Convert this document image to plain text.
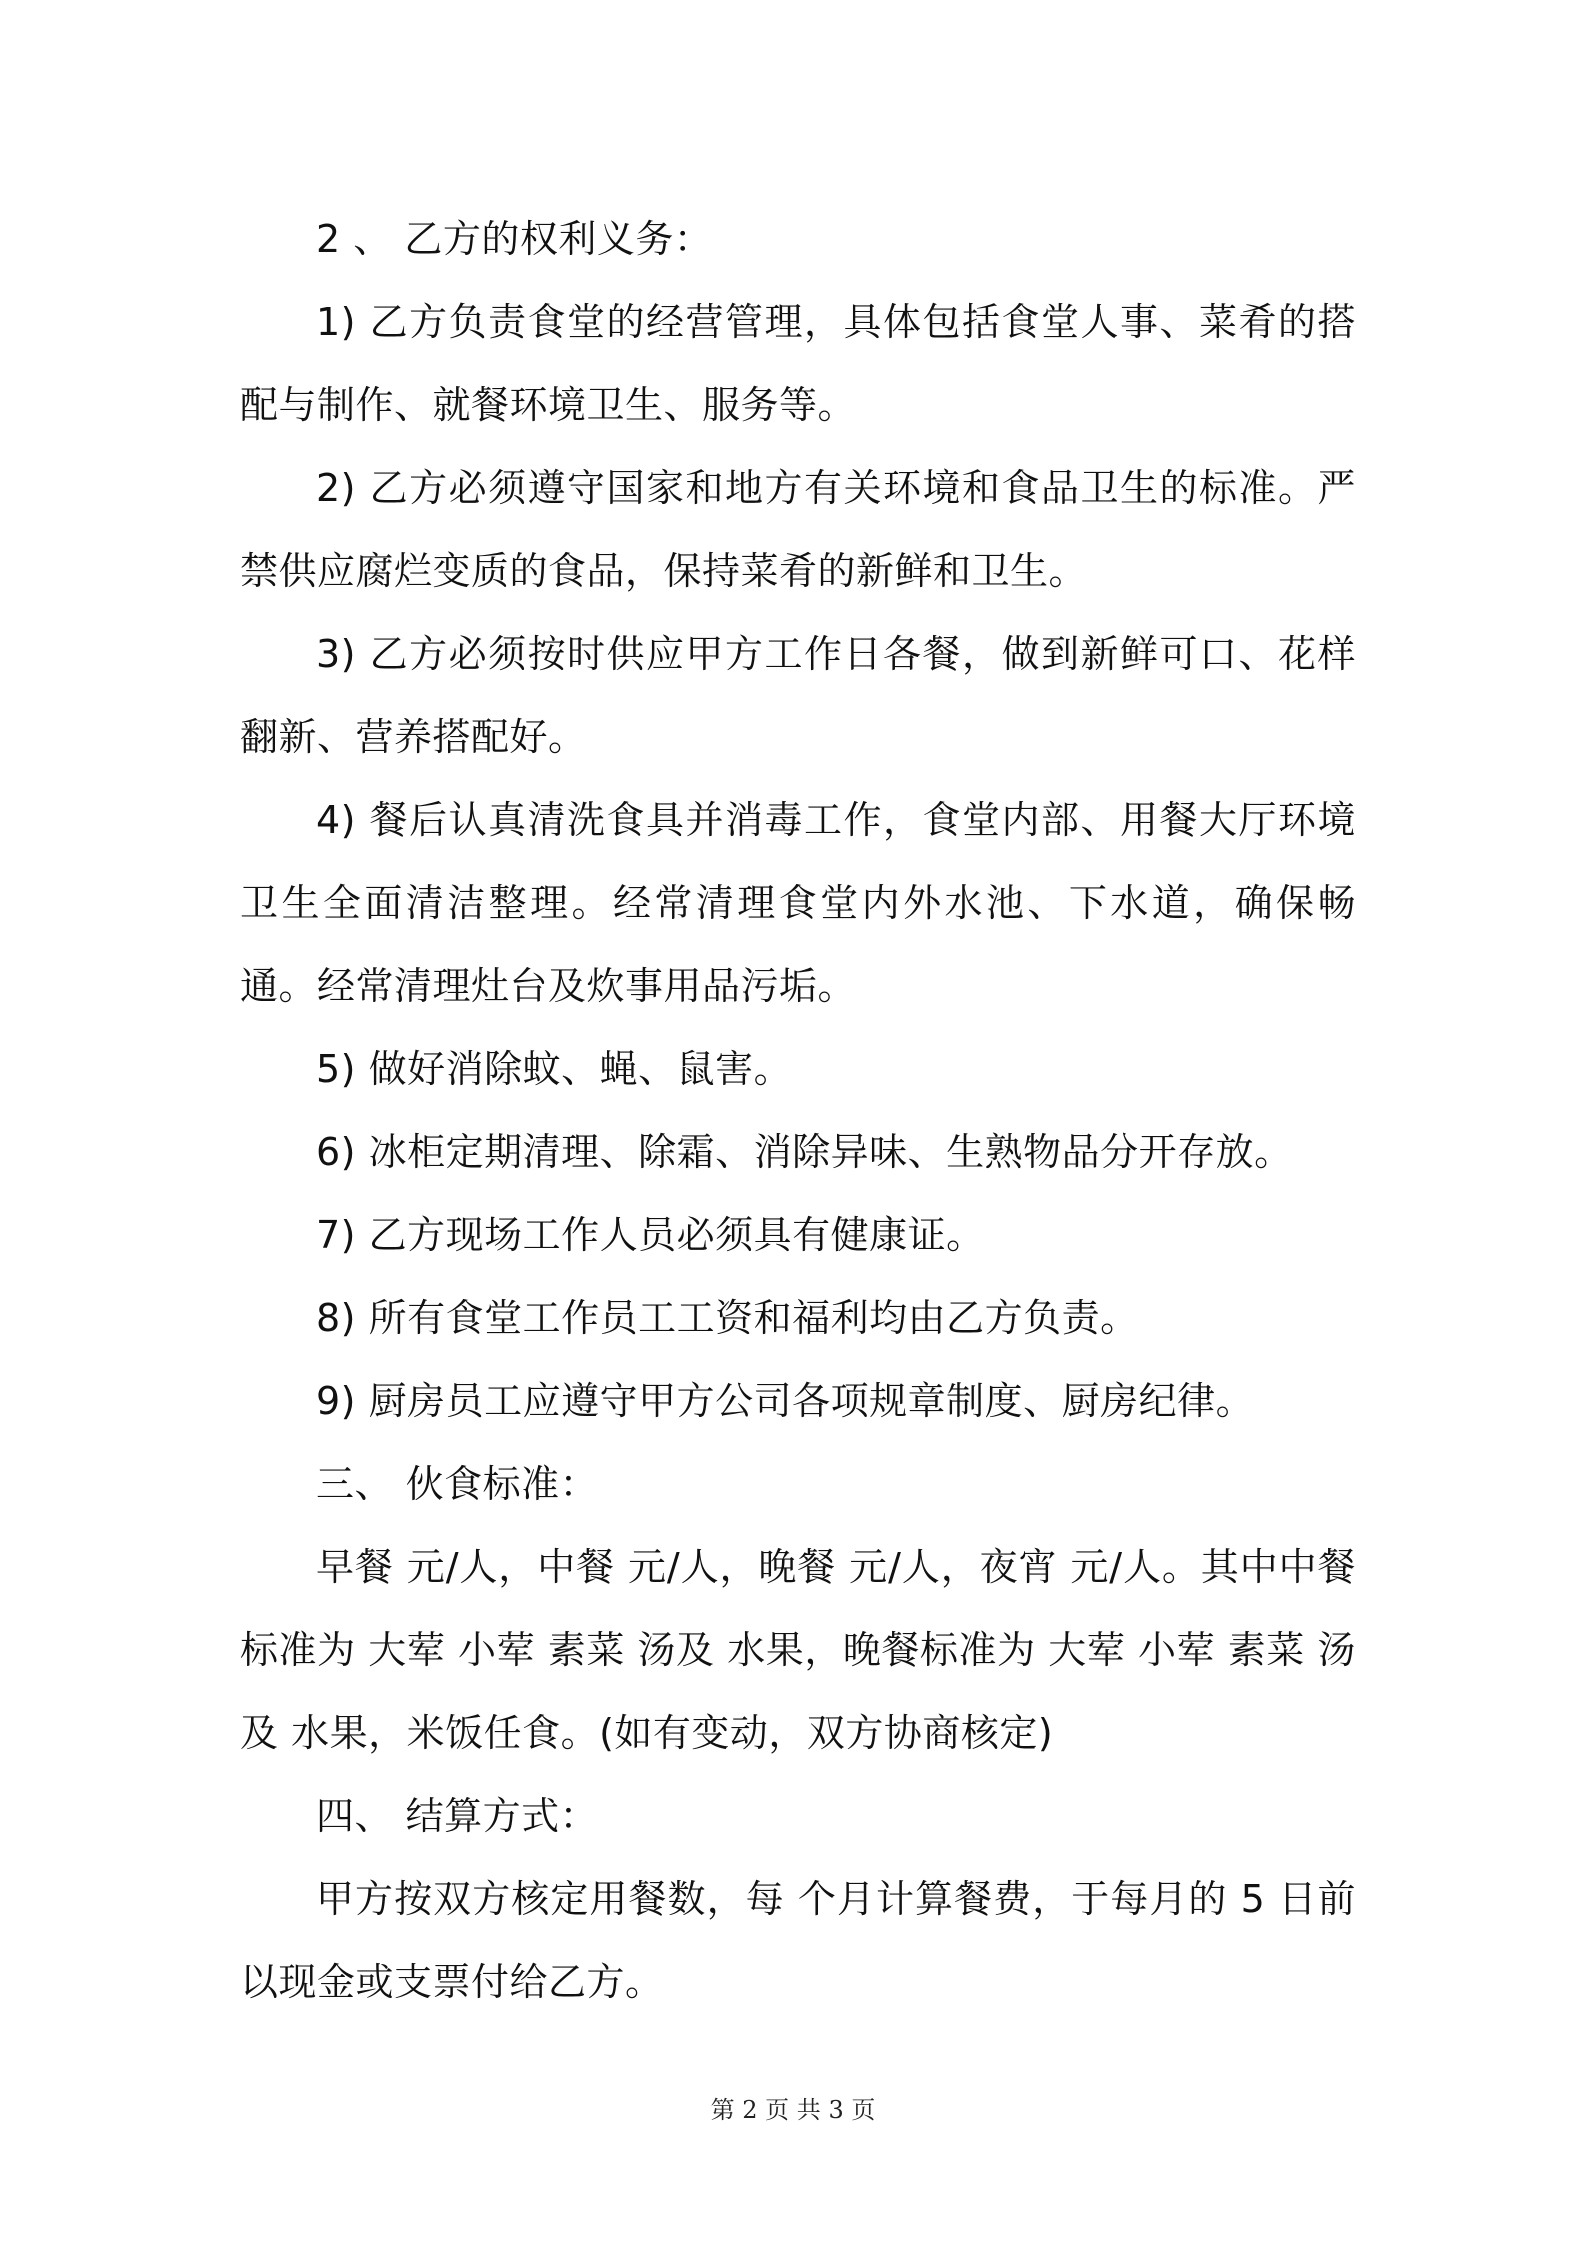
2 、 乙方的权利义务：

1) 乙方负责食堂的经营管理，具体包括食堂人事、菜肴的搭配与制作、就餐环境卫生、服务等。

2) 乙方必须遵守国家和地方有关环境和食品卫生的标准。严禁供应腐烂变质的食品，保持菜肴的新鲜和卫生。

3) 乙方必须按时供应甲方工作日各餐，做到新鲜可口、花样翻新、营养搭配好。

4) 餐后认真清洗食具并消毒工作，食堂内部、用餐大厅环境卫生全面清洁整理。经常清理食堂内外水池、下水道，确保畅通。经常清理灶台及炊事用品污垢。

5) 做好消除蚊、蝇、鼠害。

6) 冰柜定期清理、除霜、消除异味、生熟物品分开存放。

7) 乙方现场工作人员必须具有健康证。

8) 所有食堂工作员工工资和福利均由乙方负责。

9) 厨房员工应遵守甲方公司各项规章制度、厨房纪律。

三、 伙食标准：

早餐 元/人，中餐 元/人，晚餐 元/人，夜宵 元/人。其中中餐标准为 大荤 小荤 素菜 汤及 水果，晚餐标准为 大荤 小荤 素菜 汤及 水果，米饭任食。(如有变动，双方协商核定)

四、 结算方式：

甲方按双方核定用餐数，每 个月计算餐费，于每月的 5 日前以现金或支票付给乙方。

第 2 页 共 3 页
